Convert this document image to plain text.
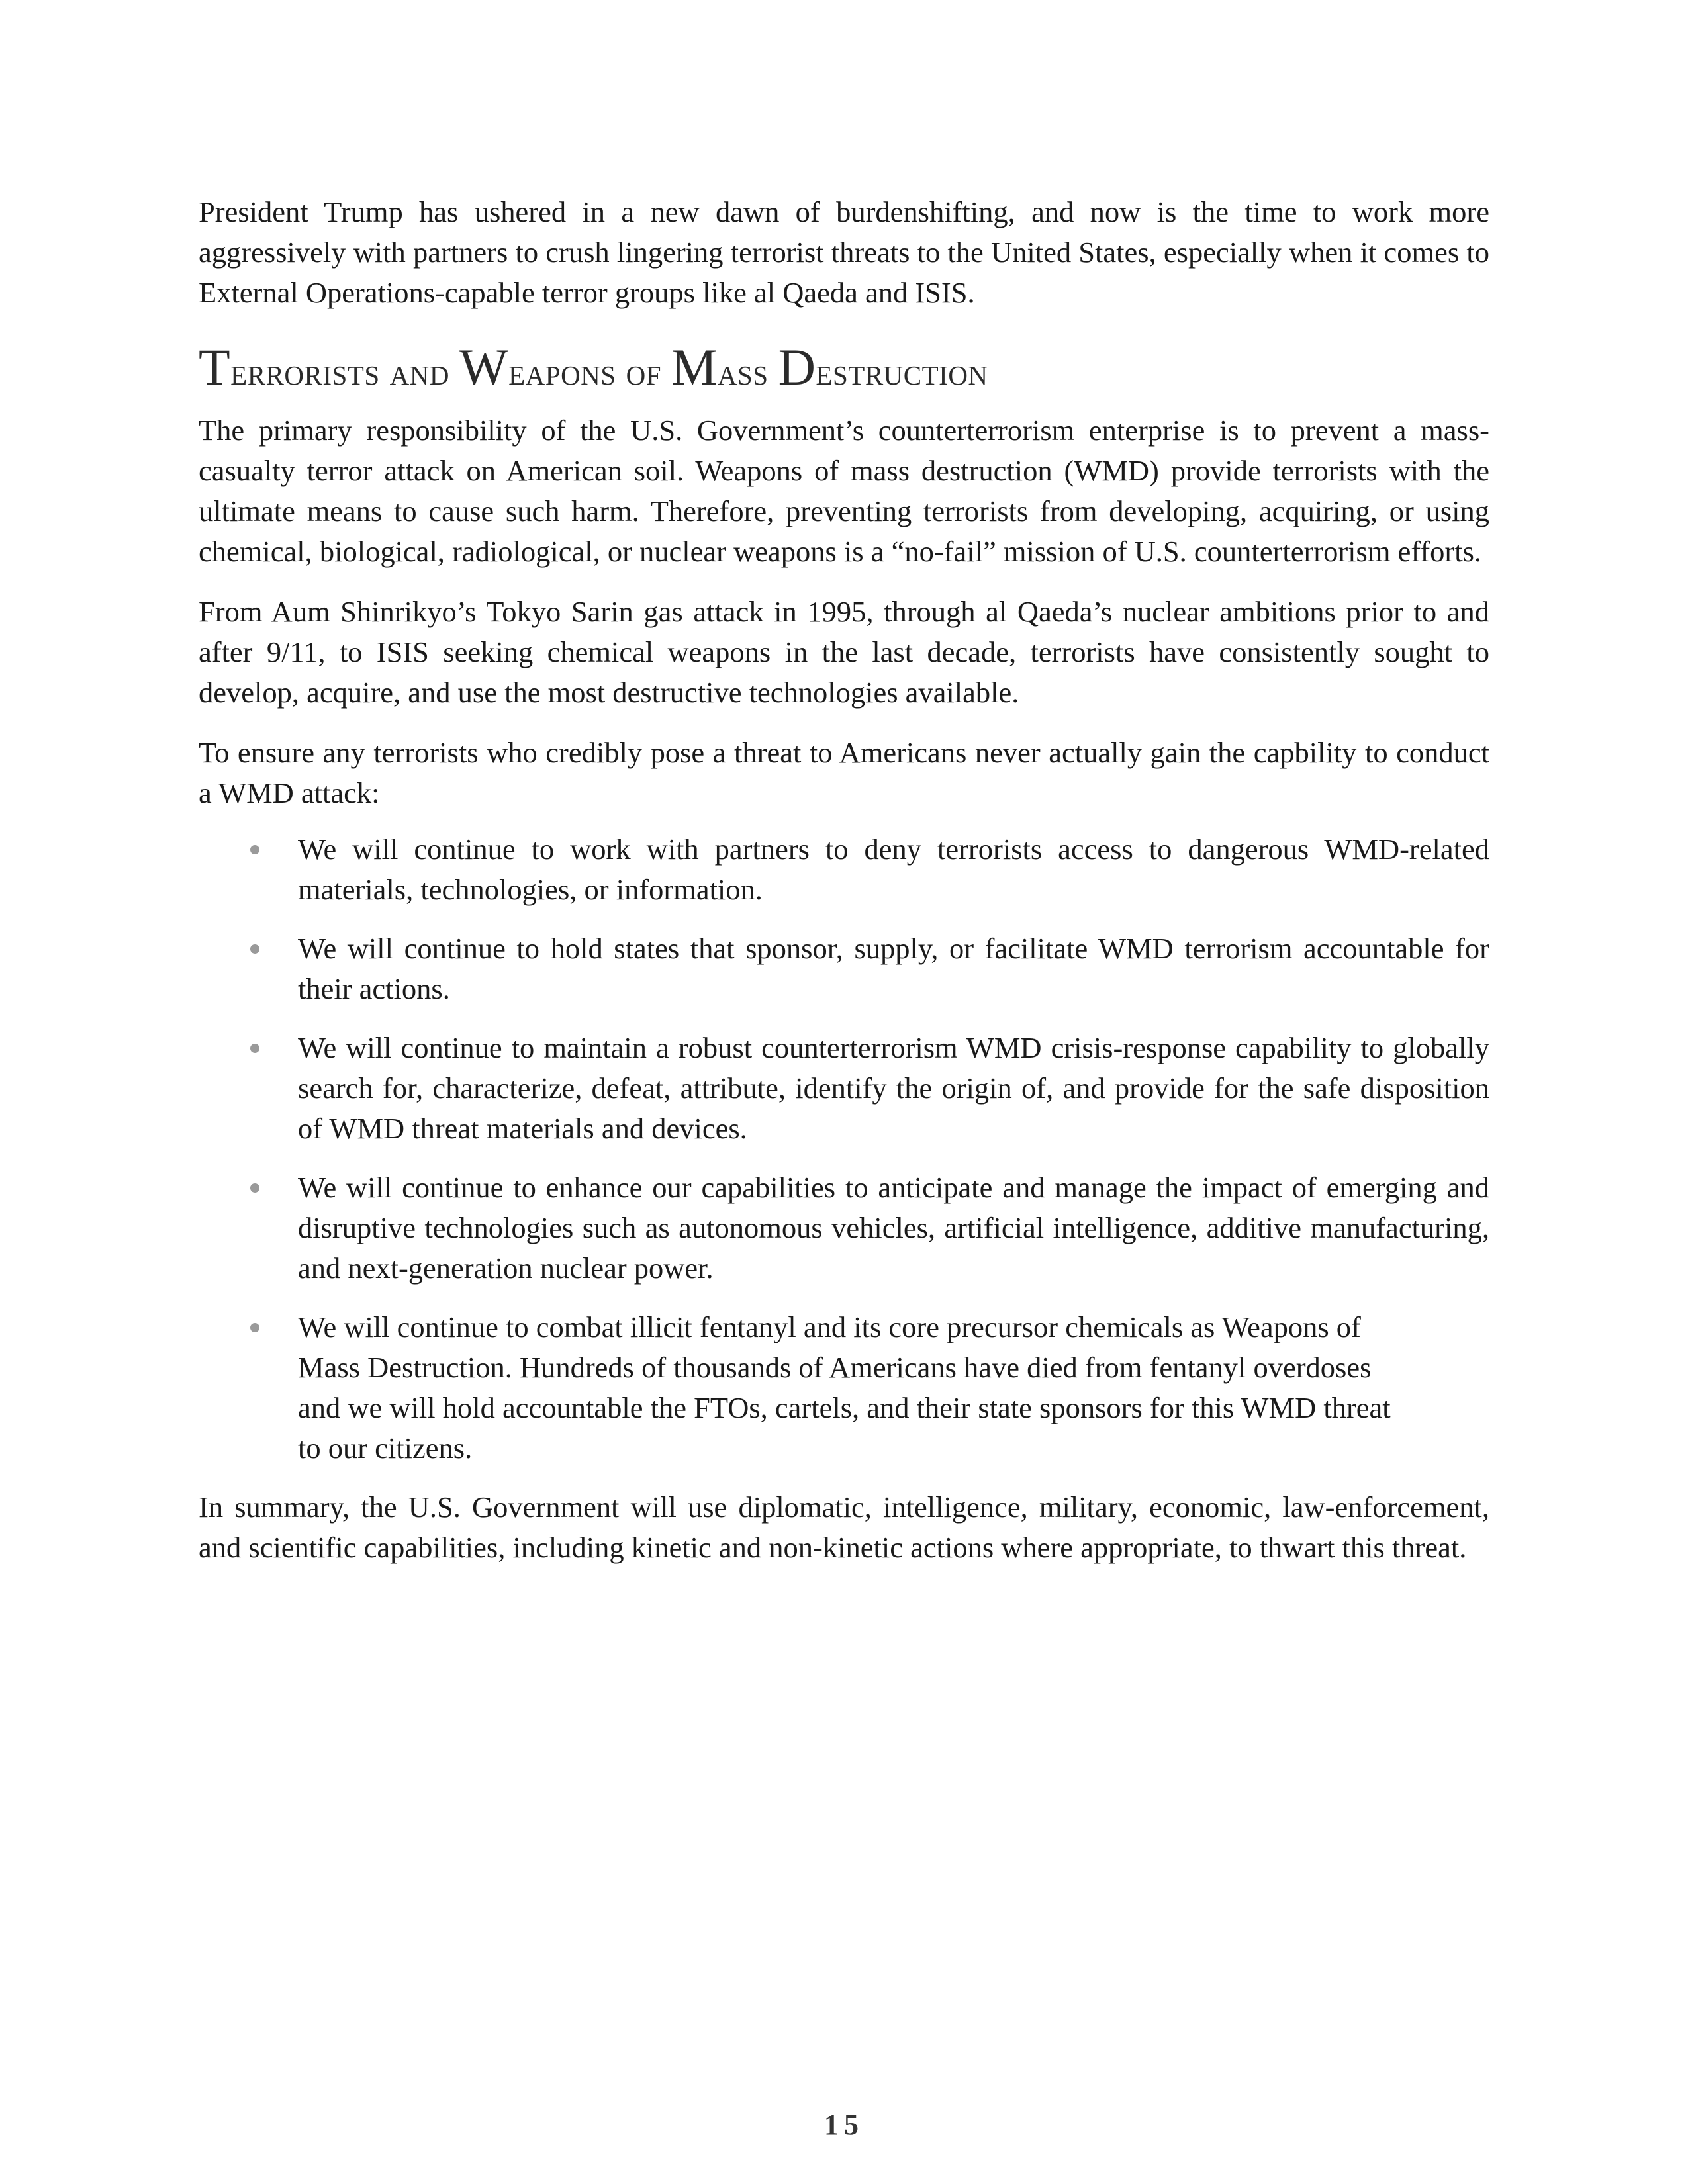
President Trump has ushered in a new dawn of burdenshifting, and now is the time to work more aggressively with partners to crush lingering terrorist threats to the United States, especially when it comes to External Operations-capable terror groups like al Qaeda and ISIS.

Terrorists and Weapons of Mass Destruction

The primary responsibility of the U.S. Government’s counterterrorism enterprise is to prevent a mass-casualty terror attack on American soil. Weapons of mass destruction (WMD) provide terrorists with the ultimate means to cause such harm. Therefore, preventing terrorists from developing, acquiring, or using chemical, biological, radiological, or nuclear weapons is a “no-fail” mission of U.S. counterterrorism efforts.

From Aum Shinrikyo’s Tokyo Sarin gas attack in 1995, through al Qaeda’s nuclear ambitions prior to and after 9/11, to ISIS seeking chemical weapons in the last decade, terrorists have consistently sought to develop, acquire, and use the most destructive technologies available.

To ensure any terrorists who credibly pose a threat to Americans never actually gain the capbility to conduct a WMD attack:

We will continue to work with partners to deny terrorists access to dangerous WMD-related materials, technologies, or information.
We will continue to hold states that sponsor, supply, or facilitate WMD terrorism accountable for their actions.
We will continue to maintain a robust counterterrorism WMD crisis-response capability to globally search for, characterize, defeat, attribute, identify the origin of, and provide for the safe disposition of WMD threat materials and devices.
We will continue to enhance our capabilities to anticipate and manage the impact of emerging and disruptive technologies such as autonomous vehicles, artificial intelligence, additive manufacturing, and next-generation nuclear power.
We will continue to combat illicit fentanyl and its core precursor chemicals as Weapons of Mass Destruction. Hundreds of thousands of Americans have died from fentanyl overdoses and we will hold accountable the FTOs, cartels, and their state sponsors for this WMD threat to our citizens.

In summary, the U.S. Government will use diplomatic, intelligence, military, economic, law-enforcement, and scientific capabilities, including kinetic and non-kinetic actions where appropriate, to thwart this threat.

15
